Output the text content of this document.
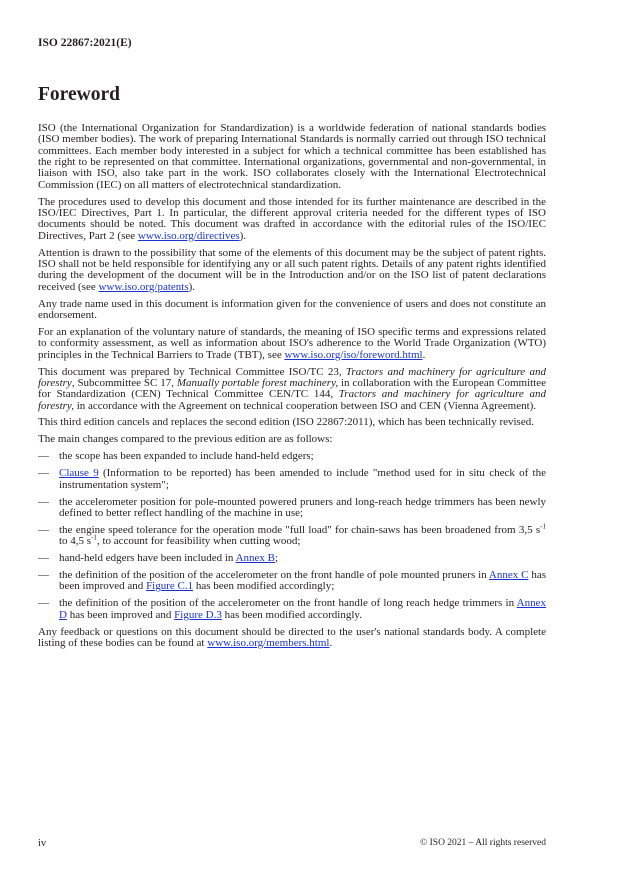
ISO 22867:2021(E)
Foreword

ISO (the International Organization for Standardization) is a worldwide federation of national standards bodies (ISO member bodies). The work of preparing International Standards is normally carried out through ISO technical committees. Each member body interested in a subject for which a technical committee has been established has the right to be represented on that committee. International organizations, governmental and non-governmental, in liaison with ISO, also take part in the work. ISO collaborates closely with the International Electrotechnical Commission (IEC) on all matters of electrotechnical standardization.

The procedures used to develop this document and those intended for its further maintenance are described in the ISO/IEC Directives, Part 1. In particular, the different approval criteria needed for the different types of ISO documents should be noted. This document was drafted in accordance with the editorial rules of the ISO/IEC Directives, Part 2 (see www.iso.org/directives).

Attention is drawn to the possibility that some of the elements of this document may be the subject of patent rights. ISO shall not be held responsible for identifying any or all such patent rights. Details of any patent rights identified during the development of the document will be in the Introduction and/or on the ISO list of patent declarations received (see www.iso.org/patents).

Any trade name used in this document is information given for the convenience of users and does not constitute an endorsement.

For an explanation of the voluntary nature of standards, the meaning of ISO specific terms and expressions related to conformity assessment, as well as information about ISO's adherence to the World Trade Organization (WTO) principles in the Technical Barriers to Trade (TBT), see www.iso.org/iso/foreword.html.

This document was prepared by Technical Committee ISO/TC 23, Tractors and machinery for agriculture and forestry, Subcommittee SC 17, Manually portable forest machinery, in collaboration with the European Committee for Standardization (CEN) Technical Committee CEN/TC 144, Tractors and machinery for agriculture and forestry, in accordance with the Agreement on technical cooperation between ISO and CEN (Vienna Agreement).

This third edition cancels and replaces the second edition (ISO 22867:2011), which has been technically revised.

The main changes compared to the previous edition are as follows:

— the scope has been expanded to include hand-held edgers;
— Clause 9 (Information to be reported) has been amended to include "method used for in situ check of the instrumentation system";
— the accelerometer position for pole-mounted powered pruners and long-reach hedge trimmers has been newly defined to better reflect handling of the machine in use;
— the engine speed tolerance for the operation mode "full load" for chain-saws has been broadened from 3,5 $s^{-1}$ to 4,5 $s^{-1}$, to account for feasibility when cutting wood;
— hand-held edgers have been included in Annex B;
— the definition of the position of the accelerometer on the front handle of pole mounted pruners in Annex C has been improved and Figure C.1 has been modified accordingly;
— the definition of the position of the accelerometer on the front handle of long reach hedge trimmers in Annex D has been improved and Figure D.3 has been modified accordingly.

Any feedback or questions on this document should be directed to the user's national standards body. A complete listing of these bodies can be found at www.iso.org/members.html.

iv	© ISO 2021 – All rights reserved
